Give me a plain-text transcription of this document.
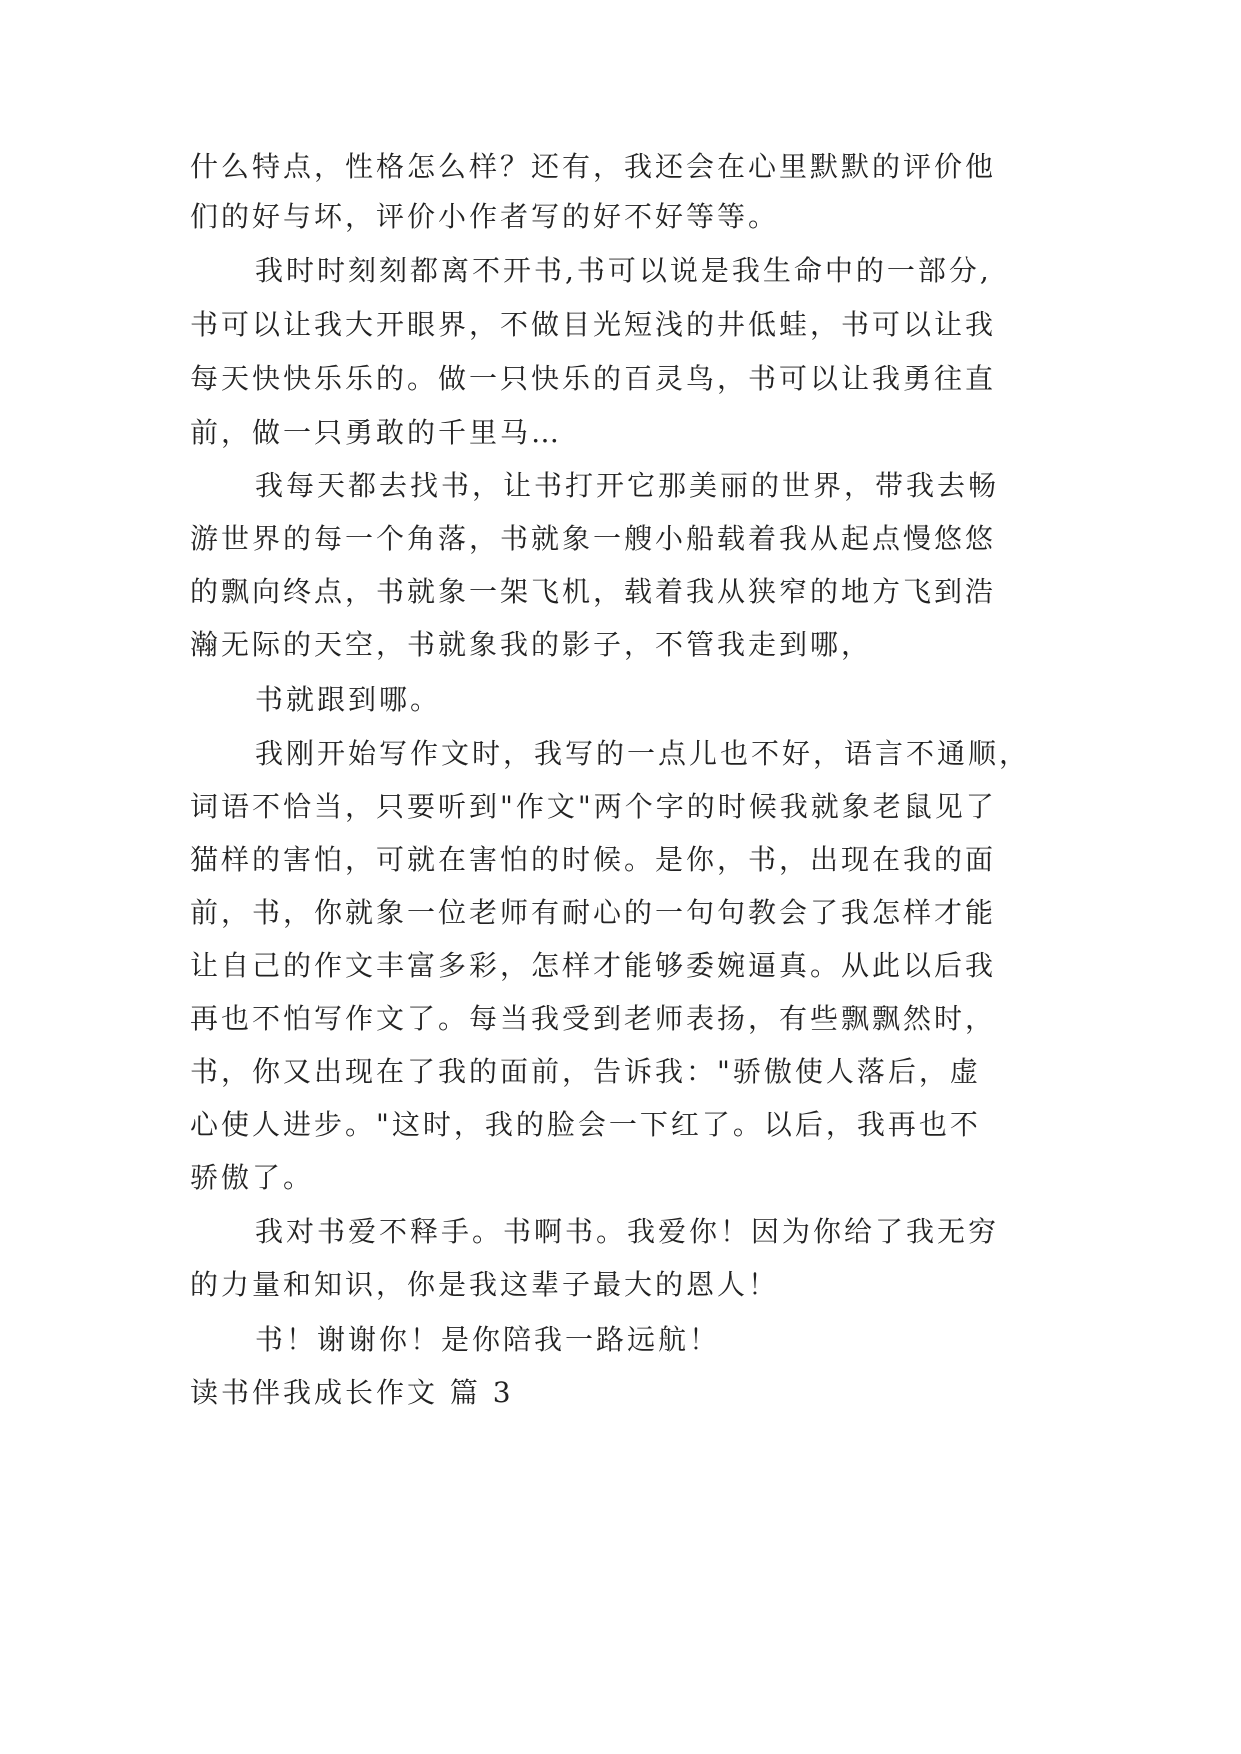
什么特点，性格怎么样？还有，我还会在心里默默的评价他

们的好与坏，评价小作者写的好不好等等。

我时时刻刻都离不开书,书可以说是我生命中的一部分,

书可以让我大开眼界，不做目光短浅的井低蛙，书可以让我

每天快快乐乐的。做一只快乐的百灵鸟，书可以让我勇往直

前，做一只勇敢的千里马…

我每天都去找书，让书打开它那美丽的世界，带我去畅

游世界的每一个角落，书就象一艘小船载着我从起点慢悠悠

的飘向终点，书就象一架飞机，载着我从狭窄的地方飞到浩

瀚无际的天空，书就象我的影子，不管我走到哪，

书就跟到哪。

我刚开始写作文时，我写的一点儿也不好，语言不通顺，

词语不恰当，只要听到"作文"两个字的时候我就象老鼠见了

猫样的害怕，可就在害怕的时候。是你，书，出现在我的面

前，书，你就象一位老师有耐心的一句句教会了我怎样才能

让自己的作文丰富多彩，怎样才能够委婉逼真。从此以后我

再也不怕写作文了。每当我受到老师表扬，有些飘飘然时，

书，你又出现在了我的面前，告诉我："骄傲使人落后，虚

心使人进步。"这时，我的脸会一下红了。以后，我再也不

骄傲了。

我对书爱不释手。书啊书。我爱你！因为你给了我无穷

的力量和知识，你是我这辈子最大的恩人！

书！谢谢你！是你陪我一路远航！

读书伴我成长作文 篇 3
